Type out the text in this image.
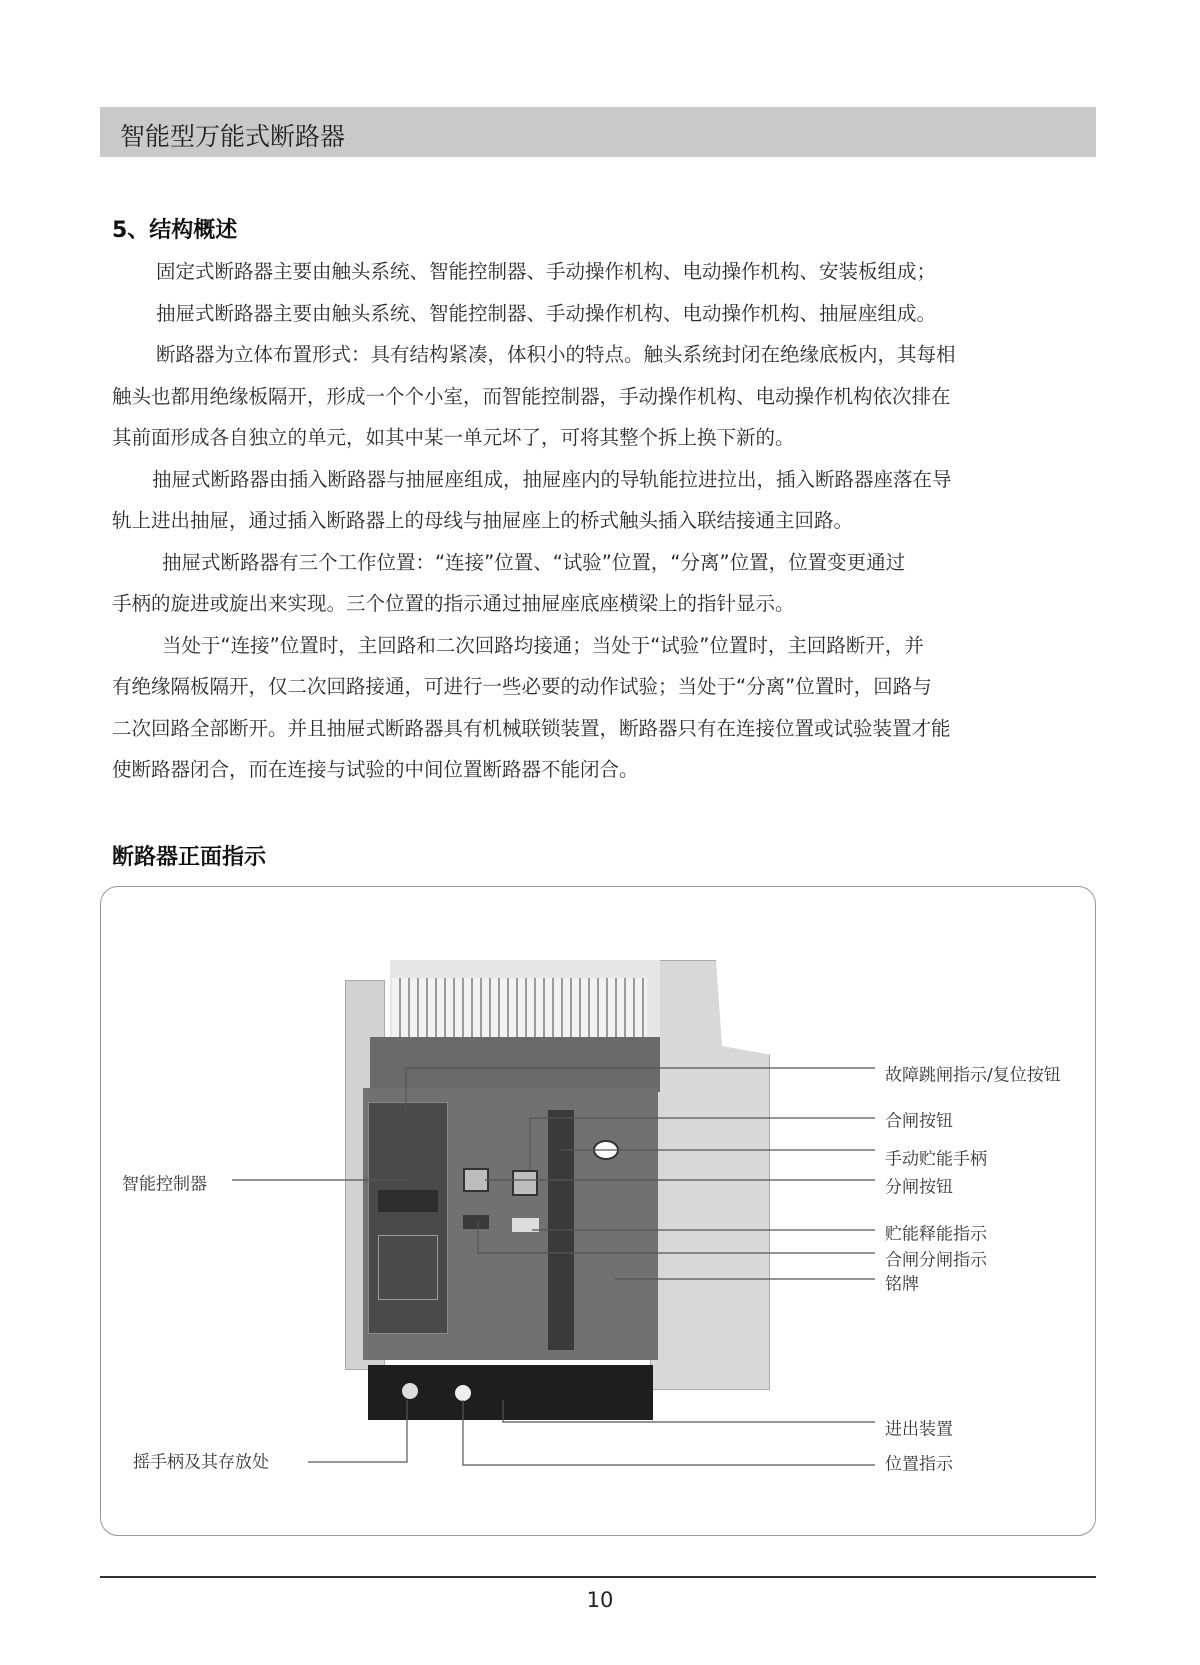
智能型万能式断路器
5、结构概述
固定式断路器主要由触头系统、智能控制器、手动操作机构、电动操作机构、安装板组成；
抽屉式断路器主要由触头系统、智能控制器、手动操作机构、电动操作机构、抽屉座组成。
断路器为立体布置形式：具有结构紧凑，体积小的特点。触头系统封闭在绝缘底板内，其每相
触头也都用绝缘板隔开，形成一个个小室，而智能控制器，手动操作机构、电动操作机构依次排在
其前面形成各自独立的单元，如其中某一单元坏了，可将其整个拆上换下新的。
抽屉式断路器由插入断路器与抽屉座组成，抽屉座内的导轨能拉进拉出，插入断路器座落在导
轨上进出抽屉，通过插入断路器上的母线与抽屉座上的桥式触头插入联结接通主回路。
抽屉式断路器有三个工作位置：“连接”位置、“试验”位置，“分离”位置，位置变更通过
手柄的旋进或旋出来实现。三个位置的指示通过抽屉座底座横梁上的指针显示。
当处于“连接”位置时，主回路和二次回路均接通；当处于“试验”位置时，主回路断开，并
有绝缘隔板隔开，仅二次回路接通，可进行一些必要的动作试验；当处于“分离”位置时，回路与
二次回路全部断开。并且抽屉式断路器具有机械联锁装置，断路器只有在连接位置或试验装置才能
使断路器闭合，而在连接与试验的中间位置断路器不能闭合。
断路器正面指示
故障跳闸指示/复位按钮
合闸按钮
手动贮能手柄
分闸按钮
贮能释能指示
合闸分闸指示
铭牌
进出装置
位置指示
智能控制器
摇手柄及其存放处
10
